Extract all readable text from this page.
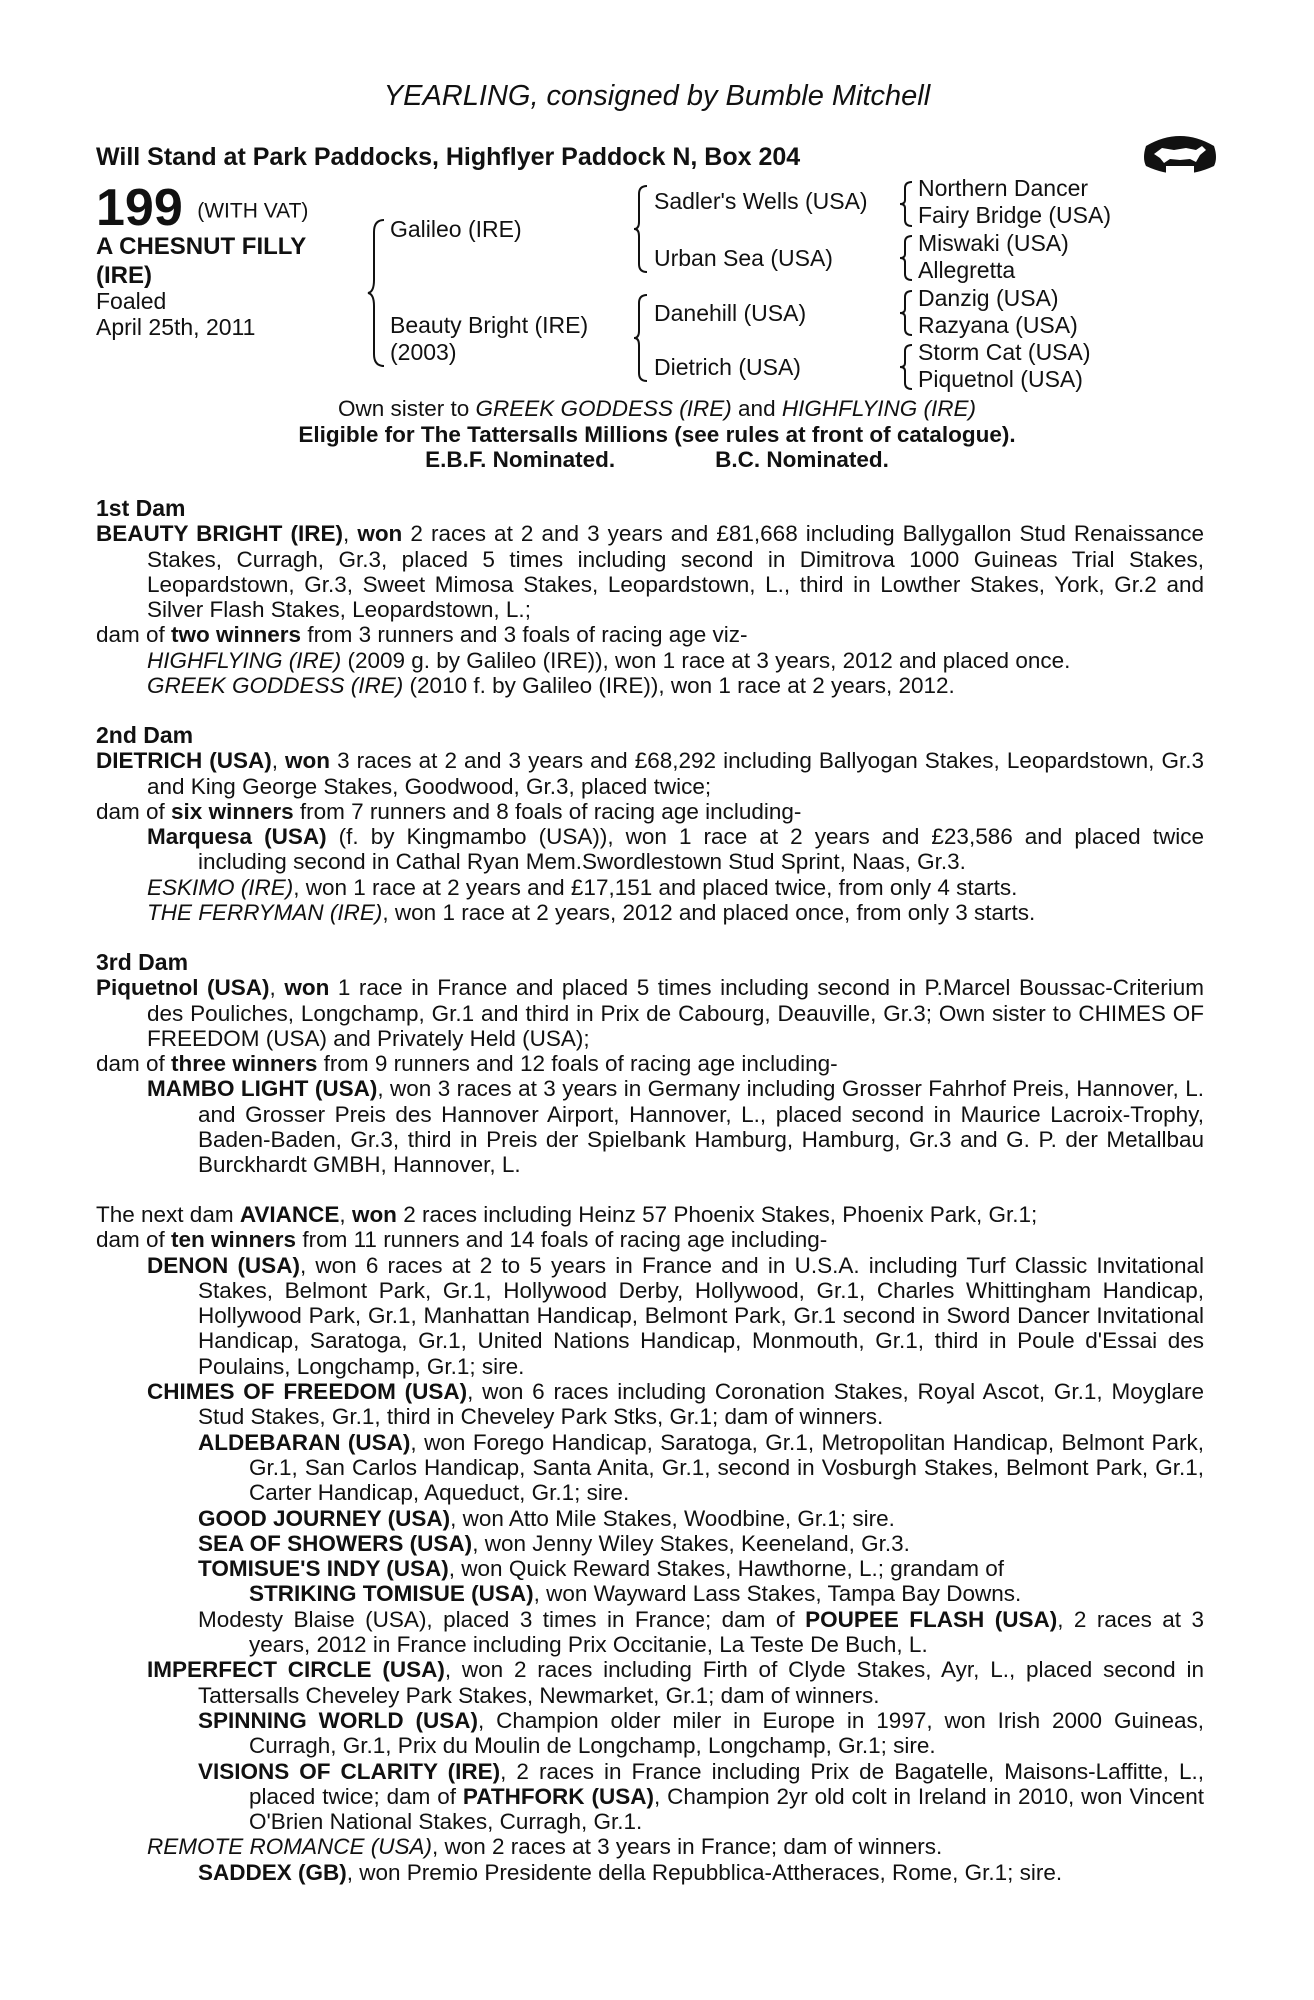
YEARLING, consigned by Bumble Mitchell
Will Stand at Park Paddocks, Highflyer Paddock N, Box 204
199 (WITH VAT)
A CHESNUT FILLY (IRE)
Foaled
April 25th, 2011
Galileo (IRE)
Beauty Bright (IRE)
(2003)
Sadler's Wells (USA)
Urban Sea (USA)
Danehill (USA)
Dietrich (USA)
Northern Dancer
Fairy Bridge (USA)
Miswaki (USA)
Allegretta
Danzig (USA)
Razyana (USA)
Storm Cat (USA)
Piquetnol (USA)
Own sister to GREEK GODDESS (IRE) and HIGHFLYING (IRE)
Eligible for The Tattersalls Millions (see rules at front of catalogue).
E.B.F. Nominated.	B.C. Nominated.

1st Dam

BEAUTY BRIGHT (IRE), won 2 races at 2 and 3 years and £81,668 including Ballygallon Stud Renaissance Stakes, Curragh, Gr.3, placed 5 times including second in Dimitrova 1000 Guineas Trial Stakes, Leopardstown, Gr.3, Sweet Mimosa Stakes, Leopardstown, L., third in Lowther Stakes, York, Gr.2 and Silver Flash Stakes, Leopardstown, L.;

dam of two winners from 3 runners and 3 foals of racing age viz-

HIGHFLYING (IRE) (2009 g. by Galileo (IRE)), won 1 race at 3 years, 2012 and placed once.

GREEK GODDESS (IRE) (2010 f. by Galileo (IRE)), won 1 race at 2 years, 2012.

2nd Dam

DIETRICH (USA), won 3 races at 2 and 3 years and £68,292 including Ballyogan Stakes, Leopardstown, Gr.3 and King George Stakes, Goodwood, Gr.3, placed twice;

dam of six winners from 7 runners and 8 foals of racing age including-

Marquesa (USA) (f. by Kingmambo (USA)), won 1 race at 2 years and £23,586 and placed twice including second in Cathal Ryan Mem.Swordlestown Stud Sprint, Naas, Gr.3.

ESKIMO (IRE), won 1 race at 2 years and £17,151 and placed twice, from only 4 starts.

THE FERRYMAN (IRE), won 1 race at 2 years, 2012 and placed once, from only 3 starts.

3rd Dam

Piquetnol (USA), won 1 race in France and placed 5 times including second in P.Marcel Boussac-Criterium des Pouliches, Longchamp, Gr.1 and third in Prix de Cabourg, Deauville, Gr.3; Own sister to CHIMES OF FREEDOM (USA) and Privately Held (USA);

dam of three winners from 9 runners and 12 foals of racing age including-

MAMBO LIGHT (USA), won 3 races at 3 years in Germany including Grosser Fahrhof Preis, Hannover, L. and Grosser Preis des Hannover Airport, Hannover, L., placed second in Maurice Lacroix-Trophy, Baden-Baden, Gr.3, third in Preis der Spielbank Hamburg, Hamburg, Gr.3 and G. P. der Metallbau Burckhardt GMBH, Hannover, L.

The next dam AVIANCE, won 2 races including Heinz 57 Phoenix Stakes, Phoenix Park, Gr.1;

dam of ten winners from 11 runners and 14 foals of racing age including-

DENON (USA), won 6 races at 2 to 5 years in France and in U.S.A. including Turf Classic Invitational Stakes, Belmont Park, Gr.1, Hollywood Derby, Hollywood, Gr.1, Charles Whittingham Handicap, Hollywood Park, Gr.1, Manhattan Handicap, Belmont Park, Gr.1 second in Sword Dancer Invitational Handicap, Saratoga, Gr.1, United Nations Handicap, Monmouth, Gr.1, third in Poule d'Essai des Poulains, Longchamp, Gr.1; sire.

CHIMES OF FREEDOM (USA), won 6 races including Coronation Stakes, Royal Ascot, Gr.1, Moyglare Stud Stakes, Gr.1, third in Cheveley Park Stks, Gr.1; dam of winners.

ALDEBARAN (USA), won Forego Handicap, Saratoga, Gr.1, Metropolitan Handicap, Belmont Park, Gr.1, San Carlos Handicap, Santa Anita, Gr.1, second in Vosburgh Stakes, Belmont Park, Gr.1, Carter Handicap, Aqueduct, Gr.1; sire.

GOOD JOURNEY (USA), won Atto Mile Stakes, Woodbine, Gr.1; sire.

SEA OF SHOWERS (USA), won Jenny Wiley Stakes, Keeneland, Gr.3.

TOMISUE'S INDY (USA), won Quick Reward Stakes, Hawthorne, L.; grandam of
STRIKING TOMISUE (USA), won Wayward Lass Stakes, Tampa Bay Downs.

Modesty Blaise (USA), placed 3 times in France; dam of POUPEE FLASH (USA), 2 races at 3 years, 2012 in France including Prix Occitanie, La Teste De Buch, L.

IMPERFECT CIRCLE (USA), won 2 races including Firth of Clyde Stakes, Ayr, L., placed second in Tattersalls Cheveley Park Stakes, Newmarket, Gr.1; dam of winners.

SPINNING WORLD (USA), Champion older miler in Europe in 1997, won Irish 2000 Guineas, Curragh, Gr.1, Prix du Moulin de Longchamp, Longchamp, Gr.1; sire.

VISIONS OF CLARITY (IRE), 2 races in France including Prix de Bagatelle, Maisons-Laffitte, L., placed twice; dam of PATHFORK (USA), Champion 2yr old colt in Ireland in 2010, won Vincent O'Brien National Stakes, Curragh, Gr.1.

REMOTE ROMANCE (USA), won 2 races at 3 years in France; dam of winners.

SADDEX (GB), won Premio Presidente della Repubblica-Attheraces, Rome, Gr.1; sire.
